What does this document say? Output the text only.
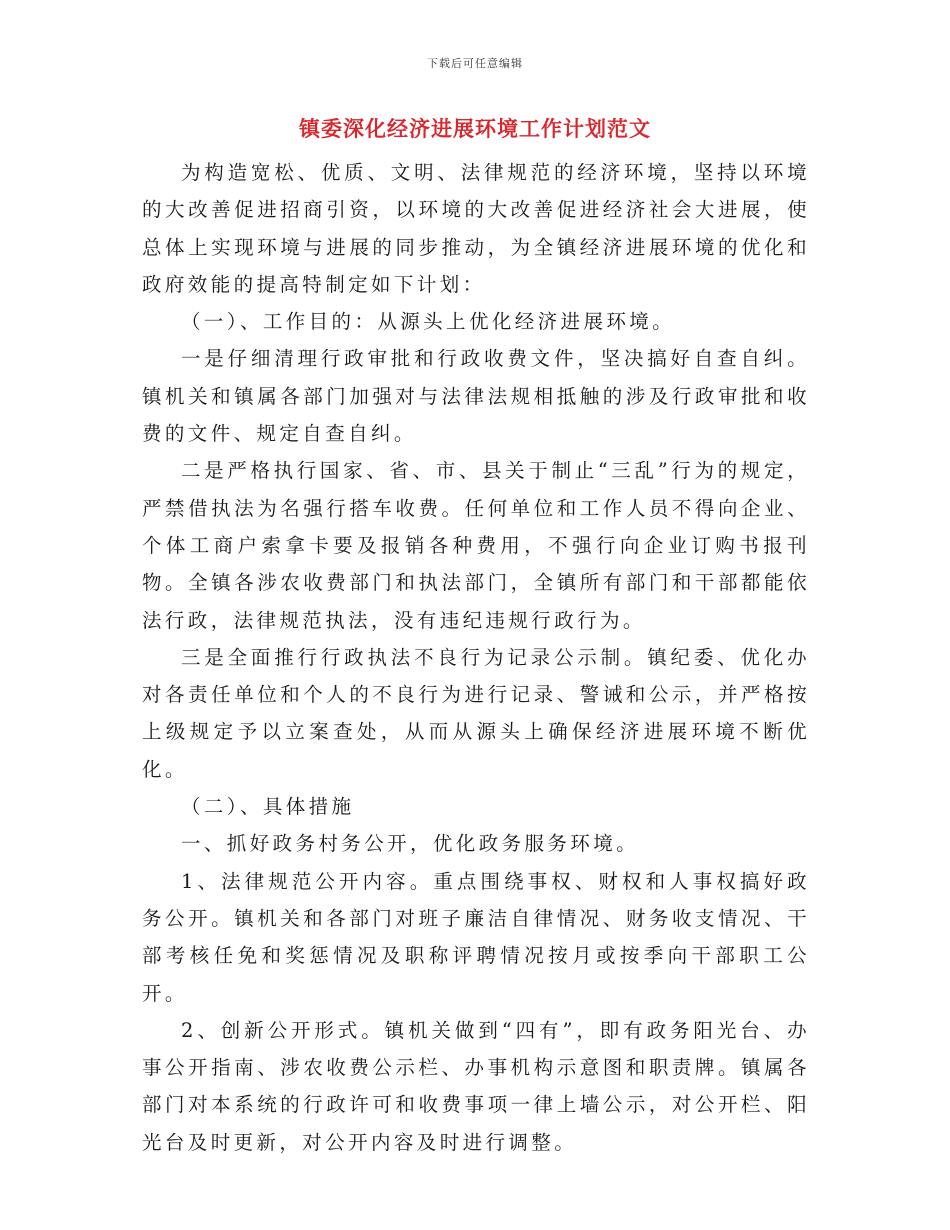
下载后可任意编辑
镇委深化经济进展环境工作计划范文

为构造宽松、优质、文明、法律规范的经济环境，坚持以环境的大改善促进招商引资，以环境的大改善促进经济社会大进展，使总体上实现环境与进展的同步推动，为全镇经济进展环境的优化和政府效能的提高特制定如下计划：

（一）、工作目的：从源头上优化经济进展环境。

一是仔细清理行政审批和行政收费文件，坚决搞好自查自纠。镇机关和镇属各部门加强对与法律法规相抵触的涉及行政审批和收费的文件、规定自查自纠。

二是严格执行国家、省、市、县关于制止“三乱”行为的规定，严禁借执法为名强行搭车收费。任何单位和工作人员不得向企业、个体工商户索拿卡要及报销各种费用，不强行向企业订购书报刊物。全镇各涉农收费部门和执法部门，全镇所有部门和干部都能依法行政，法律规范执法，没有违纪违规行政行为。

三是全面推行行政执法不良行为记录公示制。镇纪委、优化办对各责任单位和个人的不良行为进行记录、警诫和公示，并严格按上级规定予以立案查处，从而从源头上确保经济进展环境不断优化。

（二）、具体措施

一、抓好政务村务公开，优化政务服务环境。

1、法律规范公开内容。重点围绕事权、财权和人事权搞好政务公开。镇机关和各部门对班子廉洁自律情况、财务收支情况、干部考核任免和奖惩情况及职称评聘情况按月或按季向干部职工公开。

2、创新公开形式。镇机关做到“四有”，即有政务阳光台、办事公开指南、涉农收费公示栏、办事机构示意图和职责牌。镇属各部门对本系统的行政许可和收费事项一律上墙公示，对公开栏、阳光台及时更新，对公开内容及时进行调整。
